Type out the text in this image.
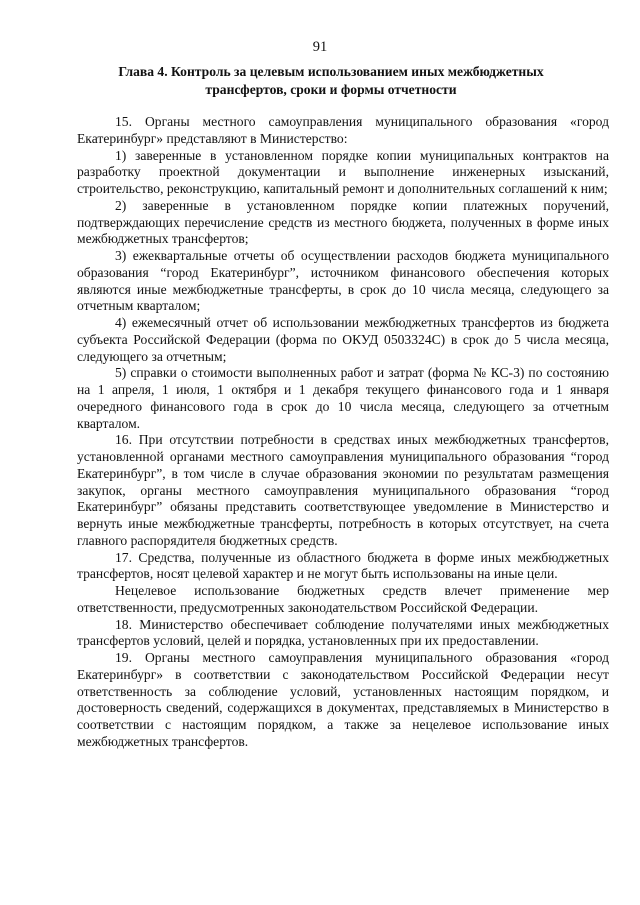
91
Глава 4. Контроль за целевым использованием иных межбюджетных трансфертов, сроки и формы отчетности

15. Органы местного самоуправления муниципального образования «город Екатеринбург» представляют в Министерство:

1) заверенные в установленном порядке копии муниципальных контрактов на разработку проектной документации и выполнение инженерных изысканий, строительство, реконструкцию, капитальный ремонт и дополнительных соглашений к ним;

2) заверенные в установленном порядке копии платежных поручений, подтверждающих перечисление средств из местного бюджета, полученных в форме иных межбюджетных трансфертов;

3) ежеквартальные отчеты об осуществлении расходов бюджета муниципального образования “город Екатеринбург”, источником финансового обеспечения которых являются иные межбюджетные трансферты, в срок до 10 числа месяца, следующего за отчетным кварталом;

4) ежемесячный отчет об использовании межбюджетных трансфертов из бюджета субъекта Российской Федерации (форма по ОКУД 0503324С) в срок до 5 числа месяца, следующего за отчетным;

5) справки о стоимости выполненных работ и затрат (форма № КС-3) по состоянию на 1 апреля, 1 июля, 1 октября и 1 декабря текущего финансового года и 1 января очередного финансового года в срок до 10 числа месяца, следующего за отчетным кварталом.

16. При отсутствии потребности в средствах иных межбюджетных трансфертов, установленной органами местного самоуправления муниципального образования “город Екатеринбург”, в том числе в случае образования экономии по результатам размещения закупок, органы местного самоуправления муниципального образования “город Екатеринбург” обязаны представить соответствующее уведомление в Министерство и вернуть иные межбюджетные трансферты, потребность в которых отсутствует, на счета главного распорядителя бюджетных средств.

17. Средства, полученные из областного бюджета в форме иных межбюджетных трансфертов, носят целевой характер и не могут быть использованы на иные цели.

Нецелевое использование бюджетных средств влечет применение мер ответственности, предусмотренных законодательством Российской Федерации.

18. Министерство обеспечивает соблюдение получателями иных межбюджетных трансфертов условий, целей и порядка, установленных при их предоставлении.

19. Органы местного самоуправления муниципального образования «город Екатеринбург» в соответствии с законодательством Российской Федерации несут ответственность за соблюдение условий, установленных настоящим порядком, и достоверность сведений, содержащихся в документах, представляемых в Министерство в соответствии с настоящим порядком, а также за нецелевое использование иных межбюджетных трансфертов.
